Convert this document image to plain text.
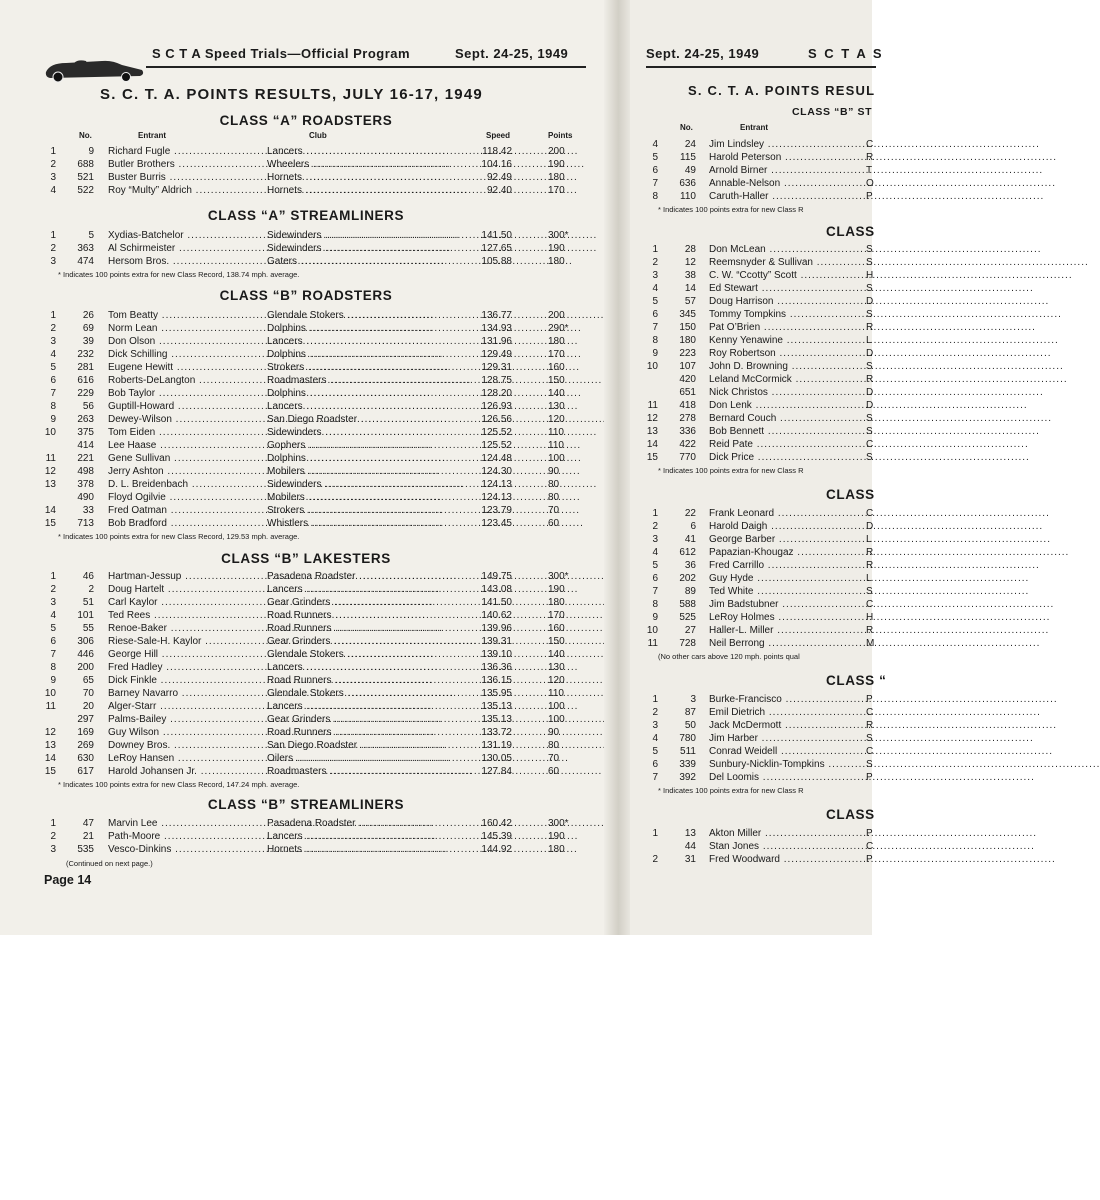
S C T A Speed Trials—Official Program	Sept. 24-25, 1949
S. C. T. A. POINTS RESULTS, JULY 16-17, 1949
No.	Entrant	Club	Speed	Points
CLASS “A” ROADSTERS
1	9 Richard Fugle .....	Lancers .....	118.42	200
2	688 Butler Brothers .....	Wheelers .....	104.16	190
3	521 Buster Burris .....	Hornets .....	92.49	180
4	522 Roy “Multy” Aldrich .....	Hornets .....	92.40	170
CLASS “A” STREAMLINERS
1	5 Xydias-Batchelor .....	Sidewinders .....	141.50	300*
2	363 Al Schirmeister .....	Sidewinders .....	127.65	190
3	474 Hersom Bros. .....	Gaters .....	105.88	180
* Indicates 100 points extra for new Class Record, 138.74 mph. average.
CLASS “B” ROADSTERS
1	26 Tom Beatty .....	Glendale Stokers .....	136.77	200
2	69 Norm Lean .....	Dolphins .....	134.93	290*
3	39 Don Olson .....	Lancers .....	131.96	180
4	232 Dick Schilling .....	Dolphins .....	129.49	170
5	281 Eugene Hewitt .....	Strokers .....	129.31	160
6	616 Roberts-DeLangton .....	Roadmasters .....	128.75	150
7	229 Bob Taylor .....	Dolphins .....	128.20	140
8	56 Guptill-Howard .....	Lancers .....	126.93	130
9	263 Dewey-Wilson .....	San Diego Roadster .....	126.56	120
10	375 Tom Eiden .....	Sidewinders .....	125.52	110
414 Lee Haase .....	Gophers .....	125.52	110
11	221 Gene Sullivan .....	Dolphins .....	124.48	100
12	498 Jerry Ashton .....	Mobilers .....	124.30	90
13	378 D. L. Breidenbach .....	Sidewinders .....	124.13	80
490 Floyd Ogilvie .....	Mobilers .....	124.13	80
14	33 Fred Oatman .....	Strokers .....	123.79	70
15	713 Bob Bradford .....	Whistlers .....	123.45	60
* Indicates 100 points extra for new Class Record, 129.53 mph. average.
CLASS “B” LAKESTERS
1	46 Hartman-Jessup .....	Pasadena Roadster .....	149.75	300*
2	2 Doug Hartelt .....	Lancers .....	143.08	190
3	51 Carl Kaylor .....	Gear Grinders .....	141.50	180
4	101 Ted Rees .....	Road Runners .....	140.62	170
5	55 Renoe-Baker .....	Road Runners .....	139.96	160
6	306 Riese-Sale-H. Kaylor .....	Gear Grinders .....	139.31	150
7	446 George Hill .....	Glendale Stokers .....	139.10	140
8	200 Fred Hadley .....	Lancers .....	136.36	130
9	65 Dick Finkle .....	Road Runners .....	136.15	120
10	70 Barney Navarro .....	Glendale Stokers .....	135.95	110
11	20 Alger-Starr .....	Lancers .....	135.13	100
297 Palms-Bailey .....	Gear Grinders .....	135.13	100
12	169 Guy Wilson .....	Road Runners .....	133.72	90
13	269 Downey Bros. .....	San Diego Roadster .....	131.19	80
14	630 LeRoy Hansen .....	Oilers .....	130.05	70
15	617 Harold Johansen Jr. .....	Roadmasters .....	127.84	60
* Indicates 100 points extra for new Class Record, 147.24 mph. average.
CLASS “B” STREAMLINERS
1	47 Marvin Lee .....	Pasadena Roadster .....	160.42	300*
2	21 Path-Moore .....	Lancers .....	145.39	190
3	535 Vesco-Dinkins .....	Hornets .....	144.92	180
(Continued on next page.)
Page 14
Sept. 24-25, 1949	S C T A S
S. C. T. A. POINTS RESUL
CLASS “B” ST
No.	Entrant
4	24 Jim Lindsley .....	C
5	115 Harold Peterson .....	R
6	49 Arnold Birner .....	T
7	636 Annable-Nelson .....	O
8	110 Caruth-Haller .....	P
* Indicates 100 points extra for new Class R
CLASS
1	28 Don McLean .....	S
2	12 Reemsnyder & Sullivan .....	S
3	38 C. W. “Ccotty” Scott .....	H
4	14 Ed Stewart .....	S
5	57 Doug Harrison .....	D
6	345 Tommy Tompkins .....	S
7	150 Pat O’Brien .....	R
8	180 Kenny Yenawine .....	L
9	223 Roy Robertson .....	D
10	107 John D. Browning .....	S
420 Leland McCormick .....	R
651 Nick Christos .....	D
11	418 Don Lenk .....	D
12	278 Bernard Couch .....	S
13	336 Bob Bennett .....	S
14	422 Reid Pate .....	C
15	770 Dick Price .....	S
* Indicates 100 points extra for new Class R
CLASS
1	22 Frank Leonard .....	C
2	6 Harold Daigh .....	D
3	41 George Barber .....	L
4	612 Papazian-Khougaz .....	R
5	36 Fred Carrillo .....	R
6	202 Guy Hyde .....	L
7	89 Ted White .....	S
8	588 Jim Badstubner .....	C
9	525 LeRoy Holmes .....	H
10	27 Haller-L. Miller .....	R
11	728 Neil Berrong .....	M
(No other cars above 120 mph. points qual
CLASS “
1	3 Burke-Francisco .....	P
2	87 Emil Dietrich .....	C
3	50 Jack McDermott .....	R
4	780 Jim Harber .....	S
5	511 Conrad Weidell .....	C
6	339 Sunbury-Nicklin-Tompkins .....	S
7	392 Del Loomis .....	P
* Indicates 100 points extra for new Class R
CLASS
1	13 Akton Miller .....	P
44 Stan Jones .....	C
2	31 Fred Woodward .....	P
